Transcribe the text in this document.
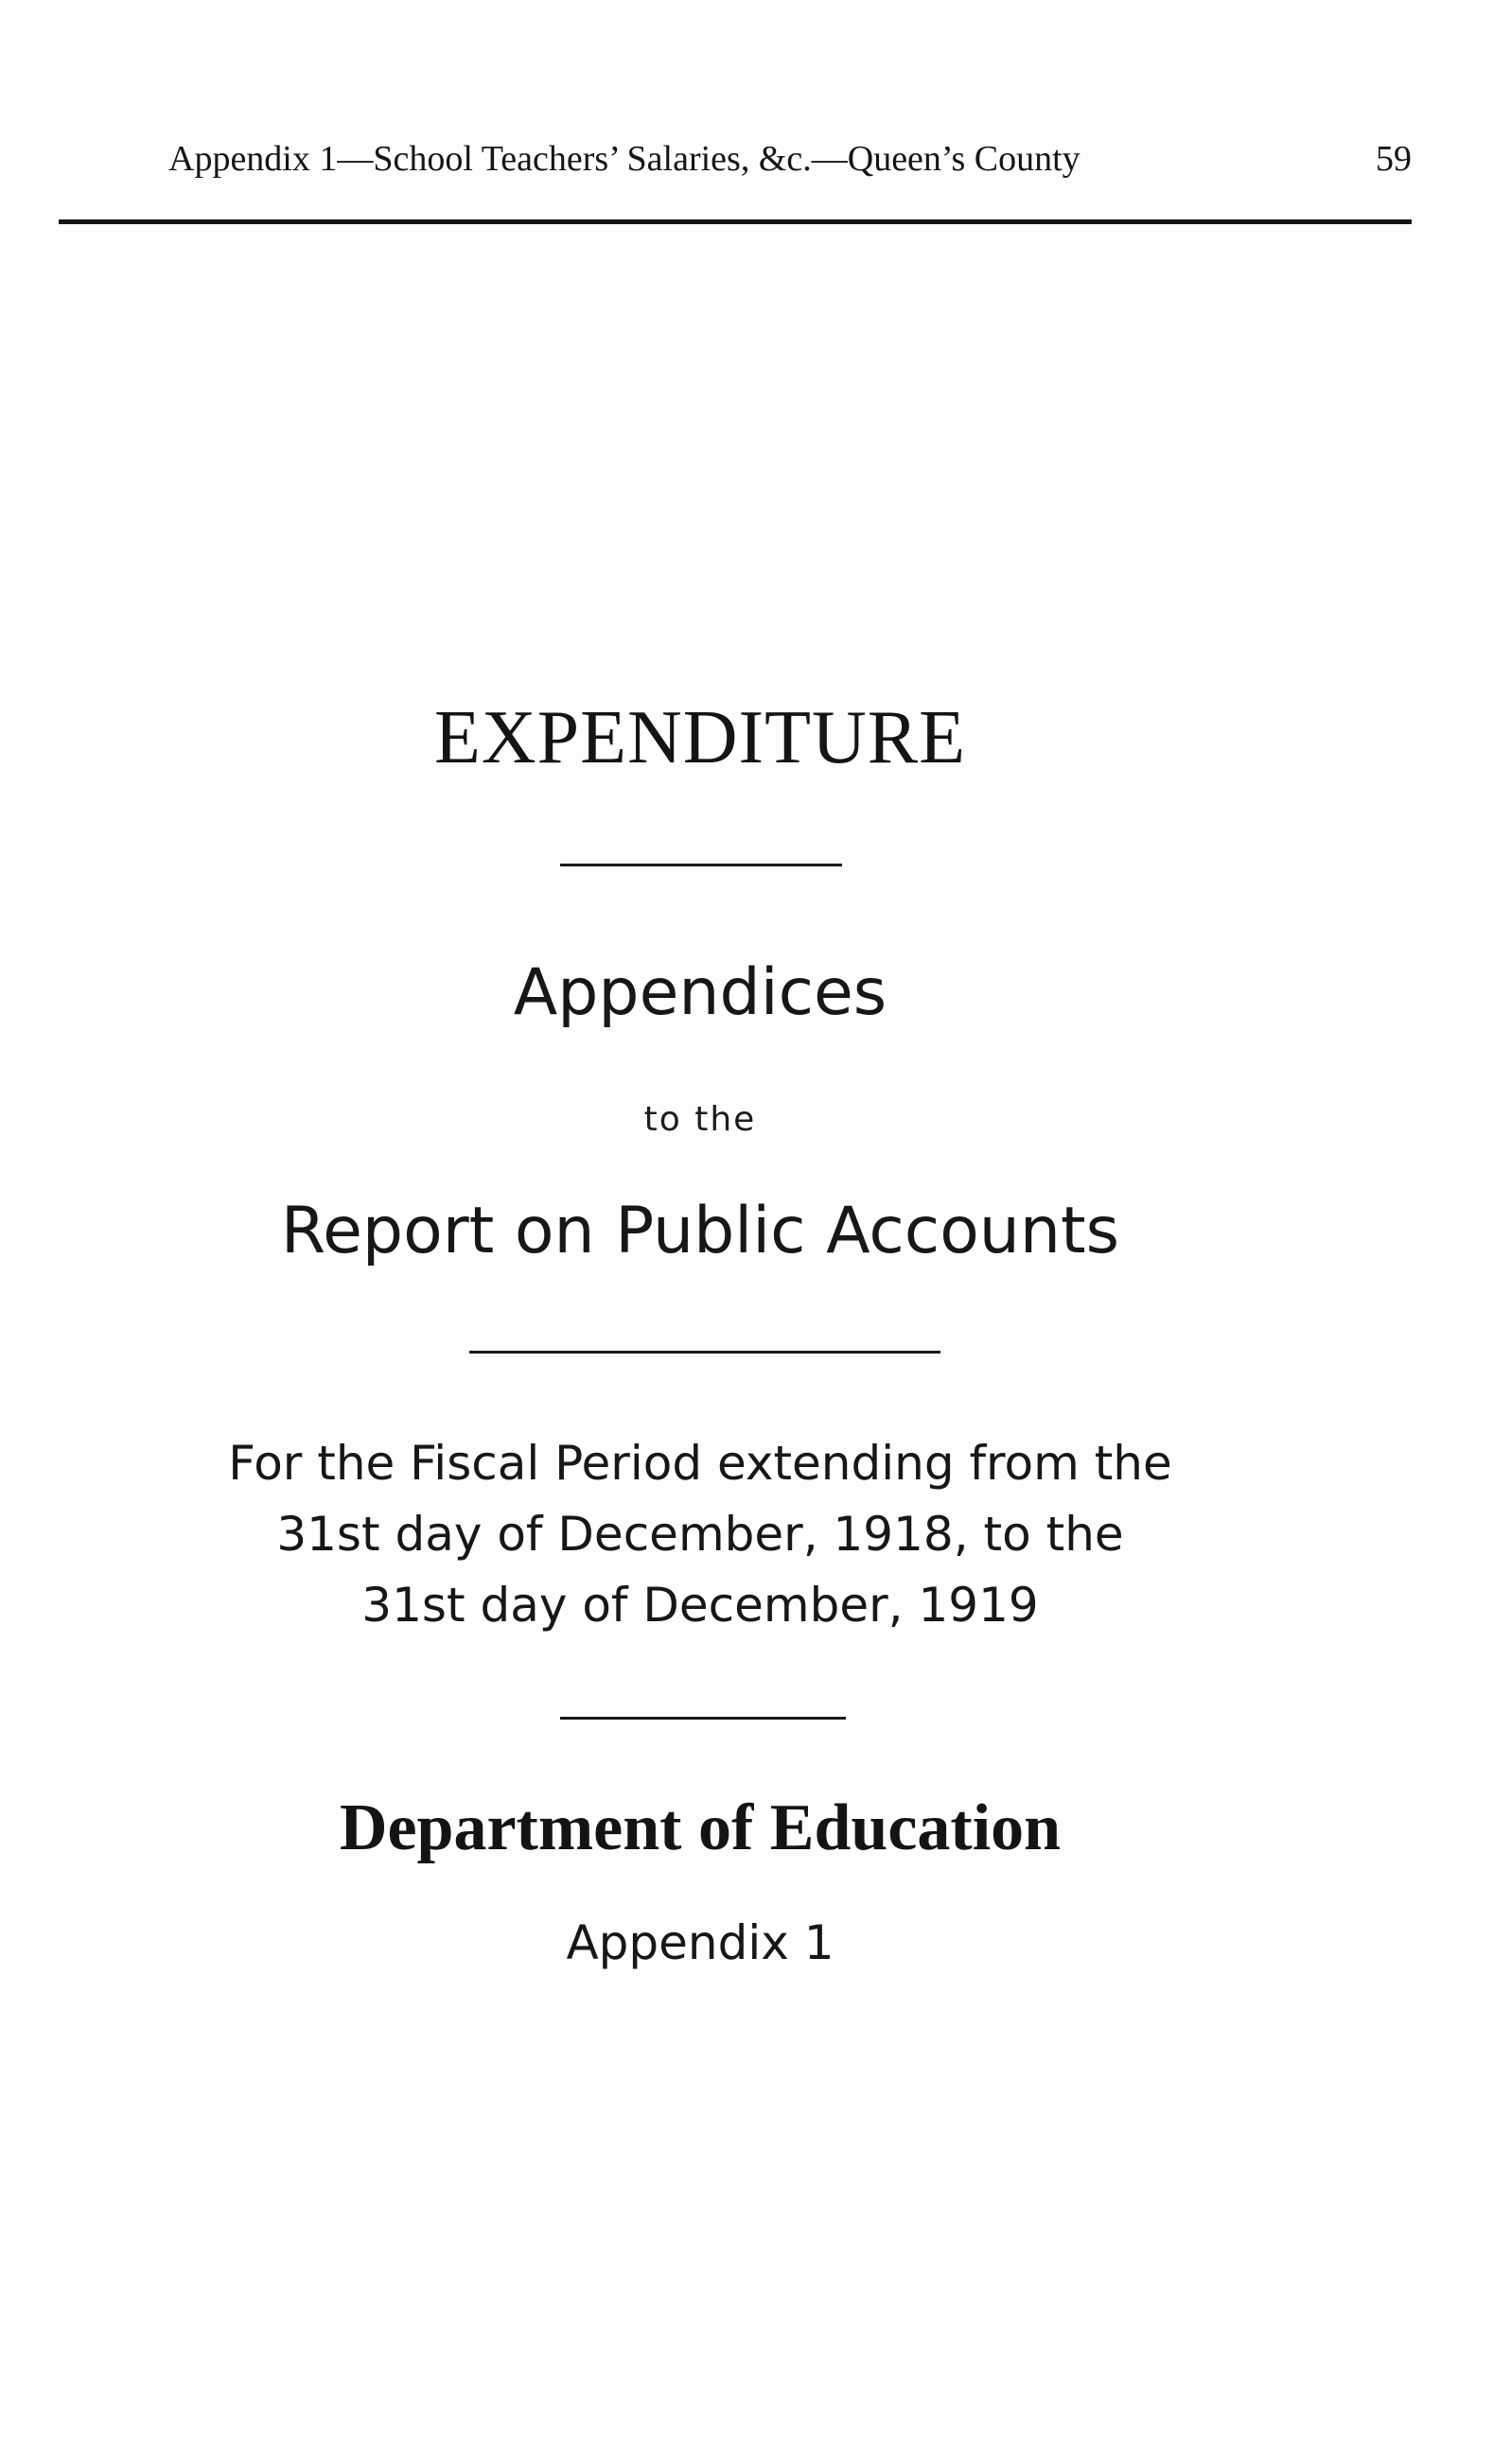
Appendix 1—School Teachers’ Salaries, &c.—Queen’s County	59
EXPENDITURE
Appendices
to the
Report on Public Accounts
For the Fiscal Period extending from the
31st day of December, 1918, to the
31st day of December, 1919
Department of Education
Appendix 1
